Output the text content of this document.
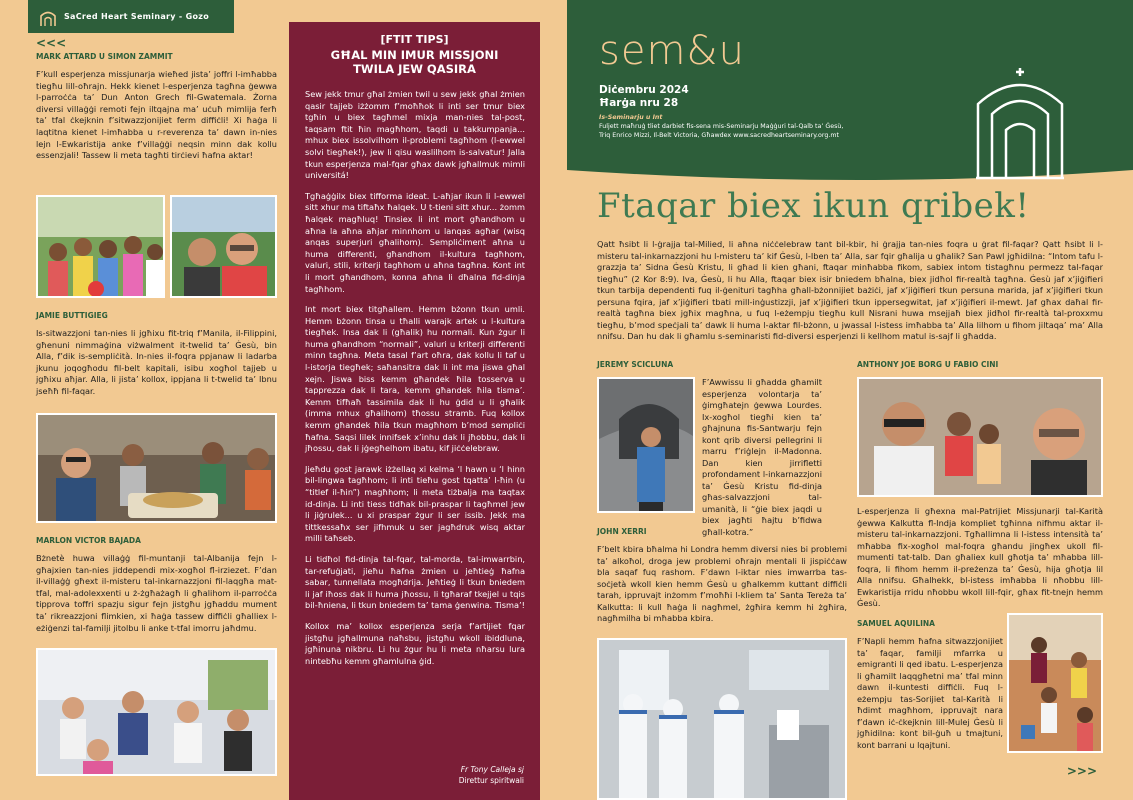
SaCred Heart Seminary - Gozo
<<<
MARK ATTARD U SIMON ZAMMIT
F’kull esperjenza missjunarja wieħed jista’ joffri l-imħabba tiegħu lill-oħrajn. Hekk kienet l-esperjenza tagħna ġewwa l-parroċċa ta’ Dun Anton Grech fil-Gwatemala. Żorna diversi villaġġi remoti fejn iltqajna ma’ uċuħ mimlija ferħ ta’ tfal ċkejknin f’sitwazzjonijiet ferm diffiċli! Xi ħaġa li laqtitna kienet l-imħabba u r-reverenza ta’ dawn in-nies lejn l-Ewkaristija anke f’villaġġi neqsin minn dak kollu essenzjali! Tassew li meta tagħti tirċievi ħafna aktar!
JAMIE BUTTIGIEG
Is-sitwazzjoni tan-nies li jgħixu fit-triq f’Manila, il-Filippini, għenuni nimmaġina viżwalment it-twelid ta’ Ġesù, bin Alla, f’dik is-sempliċità. In-nies il-foqra ppjanaw li ladarba jkunu joqogħodu fil-belt kapitali, isibu xogħol tajjeb u jgħixu aħjar. Alla, li jista’ kollox, ippjana li t-twelid ta’ Ibnu jseħħ fil-faqar.
MARLON VICTOR BAJADA
Bżnetè huwa villaġġ fil-muntanji tal-Albanija fejn l-għajxien tan-nies jiddependi mix-xogħol fl-irziezet. F’dan il-villaġġ għext il-misteru tal-inkarnazzjoni fil-laqgħa mat-tfal, mal-adolexxenti u ż-żgħażagħ li għalihom il-parroċċa tipprova toffri spazju sigur fejn jistgħu jgħaddu mument ta’ rikreazzjoni flimkien, xi ħaġa tassew diffiċli għalliex l-eżiġenzi tal-familji jitolbu li anke t-tfal imorru jaħdmu.
[FTIT TIPS]
GĦAL MIN IMUR MISSJONI
TWILA JEW QASIRA

Sew jekk tmur għal żmien twil u sew jekk għal żmien qasir tajjeb iżżomm f’moħħok li inti ser tmur biex tgħin u biex tagħmel mixja man-nies tal-post, taqsam ftit ħin magħhom, taqdi u takkumpanja... mhux biex issolvilhom il-problemi tagħhom (l-ewwel solvi tiegħek!), jew li qisu waslilhom is-salvatur! Jalla tkun esperjenza mal-fqar għax dawk jgħallmuk mimli universitá!

Tgħaġġilx biex tifforma ideat. L-aħjar ikun li l-ewwel sitt xhur ma tiftaħx ħalqek. U t-tieni sitt xhur... żomm ħalqek magħluq! Tinsiex li int mort għandhom u aħna la aħna aħjar minnhom u lanqas agħar (wisq anqas superjuri għalihom). Sempliċiment aħna u huma differenti, għandhom il-kultura tagħhom, valuri, stili, kriterji tagħhom u aħna tagħna. Kont int li mort għandhom, konna aħna li dħalna fid-dinja tagħhom.

Int mort biex titgħallem. Hemm bżonn tkun umli. Hemm bżonn tinsa u tħalli warajk artek u l-kultura tiegħek. Insa dak li (għalik) hu normali. Kun żgur li huma għandhom “normali”, valuri u kriterji differenti minn tagħna. Meta tasal f’art oħra, dak kollu li taf u l-istorja tiegħek; saħansitra dak li int ma jiswa għal xejn. Jiswa biss kemm għandek ħila tosserva u tapprezza dak li tara, kemm għandek ħila tisma’. Kemm tifħaħ tassimila dak li hu ġdid u li għalik (imma mhux għalihom) tħossu stramb. Fuq kollox kemm għandek ħila tkun magħhom b’mod sempliċi ħafna. Saqsi lilek innifsek x’inhu dak li jħobbu, dak li jħossu, dak li jġegħelhom ibatu, kif jiċċelebraw.

Jieħdu gost jarawk iżżellaq xi kelma ‘l hawn u ‘l hinn bil-lingwa tagħhom; li inti tieħu gost tqatta’ l-ħin (u “titlef il-ħin”) magħhom; li meta tiżbalja ma taqtax id-dinja. Li inti tiess tidħak bil-praspar li tagħmel jew li jiġrulek... u xi praspar żgur li ser issib. Jekk ma tittkessaħx ser jifhmuk u ser jagħdruk wisq aktar milli taħseb.

Li tidħol fid-dinja tal-fqar, tal-morda, tal-imwarrbin, tar-refuġjati, jieħu ħafna żmien u jeħtieġ ħafna sabar, tunnellata mogħdrija. Jeħtieġ li tkun bniedem li jaf iħoss dak li huma jħossu, li tgħaraf tkejjel u tqis bil-ħniena, li tkun bniedem ta’ tama ġenwina. Tisma’!

Kollox ma’ kollox esperjenza serja f’artijiet fqar jistgħu jgħallmuna naħsbu, jistgħu wkoll ibiddluna, jgħinuna nikbru. Li hu żgur hu li meta nħarsu lura nintebħu kemm għamlulna ġid.

Fr Tony Calleja sj
Direttur spiritwali
sem&u
Diċembru 2024
Ħarġa nru 28
Is-Seminarju u Int
Fuljett maħruġ tliet darbiet fis-sena mis-Seminarju Maġġuri tal-Qalb ta’ Ġesù,
Triq Enrico Mizzi, Il-Belt Victoria, Għawdex www.sacredheartseminary.org.mt
Ftaqar biex ikun qribek!
Qatt ħsibt li l-ġrajja tal-Milied, li aħna niċċelebraw tant bil-kbir, hi ġrajja tan-nies foqra u ġrat fil-faqar? Qatt ħsibt li l-misteru tal-inkarnazzjoni hu l-misteru ta’ kif Ġesù, l-Iben ta’ Alla, sar fqir għalija u għalik? San Pawl jgħidilna: “Intom tafu l-grazzja ta’ Sidna Ġesù Kristu, li għad li kien għani, ftaqar minħabba fikom, sabiex intom tistagħnu permezz tal-faqar tiegħu” (2 Kor 8:9). Iva, Ġesù, li hu Alla, ftaqar biex isir bniedem bħalna, biex jidħol fir-realtà tagħna. Ġesù jaf x’jiġifieri tkun tarbija dependenti fuq il-ġenituri tagħha għall-bżonnijiet bażiċi, jaf x’jiġifieri tkun persuna marida, jaf x’jiġifieri tkun persuna fqira, jaf x’jiġifieri tbati mill-inġustizzji, jaf x’jiġifieri tkun ippersegwitat, jaf x’jiġifieri il-mewt. Jaf għax daħal fir-realtà tagħna biex jgħix magħna, u fuq l-eżempju tiegħu kull Nisrani huwa msejjaħ biex jidħol fir-realtà tal-proxxmu tiegħu, b’mod speċjali ta’ dawk li huma l-aktar fil-bżonn, u jwassal l-istess imħabba ta’ Alla lilhom u fihom jiltaqa’ ma’ Alla nnifsu. Dan hu dak li għamlu s-seminaristi fid-diversi esperjenzi li kellhom matul is-sajf li għadda.
JEREMY SCICLUNA
F’Awwissu li għadda għamilt esperjenza volontarja ta’ ġimgħatejn ġewwa Lourdes. Ix-xogħol tiegħi kien ta’ għajnuna fis-Santwarju fejn kont qrib diversi pellegrini li marru f’riġlejn il-Madonna. Dan kien jirrifletti profondament l-inkarnazzjoni ta’ Ġesù Kristu fid-dinja għas-salvazzjoni tal-umanità, li “ġie biex jaqdi u biex jagħti ħajtu b’fidwa għall-kotra.”
JOHN XERRI
F’belt kbira bħalma hi Londra hemm diversi nies bi problemi ta’ alkoħol, droga jew problemi oħrajn mentali li jispiċċaw bla saqaf fuq rashom. F’dawn l-iktar nies imwarrba tas-soċjetà wkoll kien hemm Ġesù u għalkemm kuttant diffiċli tarah, ippruvajt inżomm f’moħħi l-kliem ta’ Santa Tereża ta’ Kalkutta: li kull ħaġa li nagħmel, żgħira kemm hi żgħira, nagħmilha bi mħabba kbira.
ANTHONY JOE BORG U FABIO CINI
L-esperjenza li għexna mal-Patrijiet Missjunarji tal-Karità ġewwa Kalkutta fl-Indja kompliet tgħinna nifhmu aktar il-misteru tal-inkarnazzjoni. Tgħallimna li l-istess intensità ta’ mħabba fix-xogħol mal-foqra għandu jingħex ukoll fil-mumenti tat-talb. Dan għaliex kull għotja ta’ mħabba lill-foqra, li fihom hemm il-preżenza ta’ Ġesù, hija għotja lil Alla nnifsu. Għalhekk, bl-istess imħabba li nħobbu lill-Ewkaristija rridu nħobbu wkoll lill-fqir, għax fit-tnejn hemm Ġesù.
SAMUEL AQUILINA
F’Napli hemm ħafna sitwazzjonijiet ta’ faqar, familji mfarrka u emigranti li qed ibatu. L-esperjenza li għamilt laqqgħetni ma’ tfal minn dawn il-kuntesti diffiċli. Fuq l-eżempju tas-Sorijiet tal-Karità li ħdimt magħhom, ippruvajt nara f’dawn iċ-ċkejknin lill-Mulej Ġesù li jgħidilna: kont bil-ġuħ u tmajtuni, kont barrani u lqajtuni.
>>>
